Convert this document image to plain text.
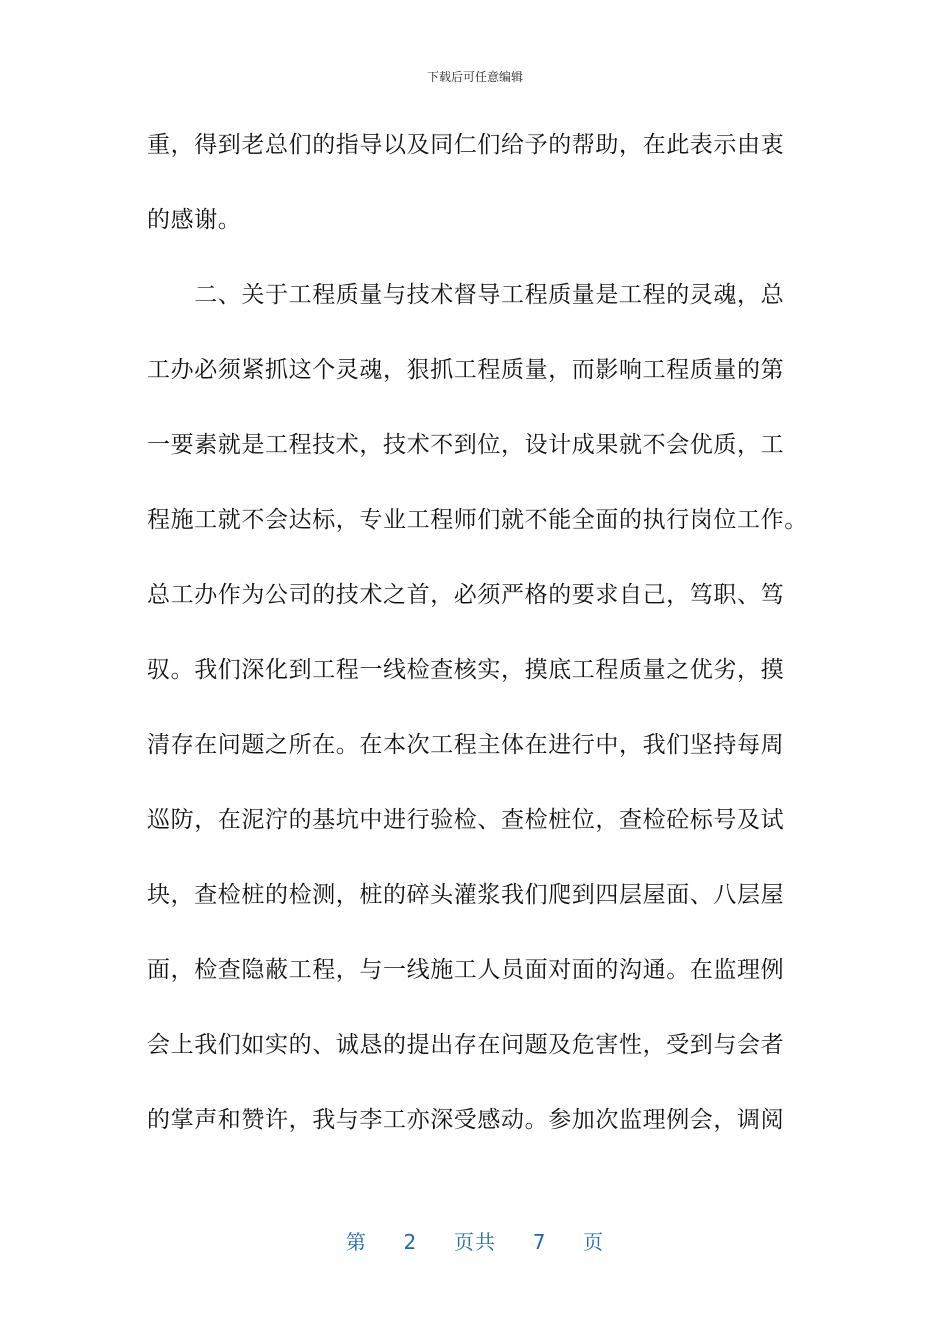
下载后可任意编辑
重，得到老总们的指导以及同仁们给予的帮助，在此表示由衷
的感谢。
　　二、关于工程质量与技术督导工程质量是工程的灵魂，总
工办必须紧抓这个灵魂，狠抓工程质量，而影响工程质量的第
一要素就是工程技术，技术不到位，设计成果就不会优质，工
程施工就不会达标，专业工程师们就不能全面的执行岗位工作。
总工办作为公司的技术之首，必须严格的要求自己，笃职、笃
驭。我们深化到工程一线检查核实，摸底工程质量之优劣，摸
清存在问题之所在。在本次工程主体在进行中，我们坚持每周
巡防，在泥泞的基坑中进行验检、查检桩位，查检砼标号及试
块，查检桩的检测，桩的碎头灌浆我们爬到四层屋面、八层屋
面，检查隐蔽工程，与一线施工人员面对面的沟通。在监理例
会上我们如实的、诚恳的提出存在问题及危害性，受到与会者
的掌声和赞许，我与李工亦深受感动。参加次监理例会，调阅
第 2 页共 7 页
